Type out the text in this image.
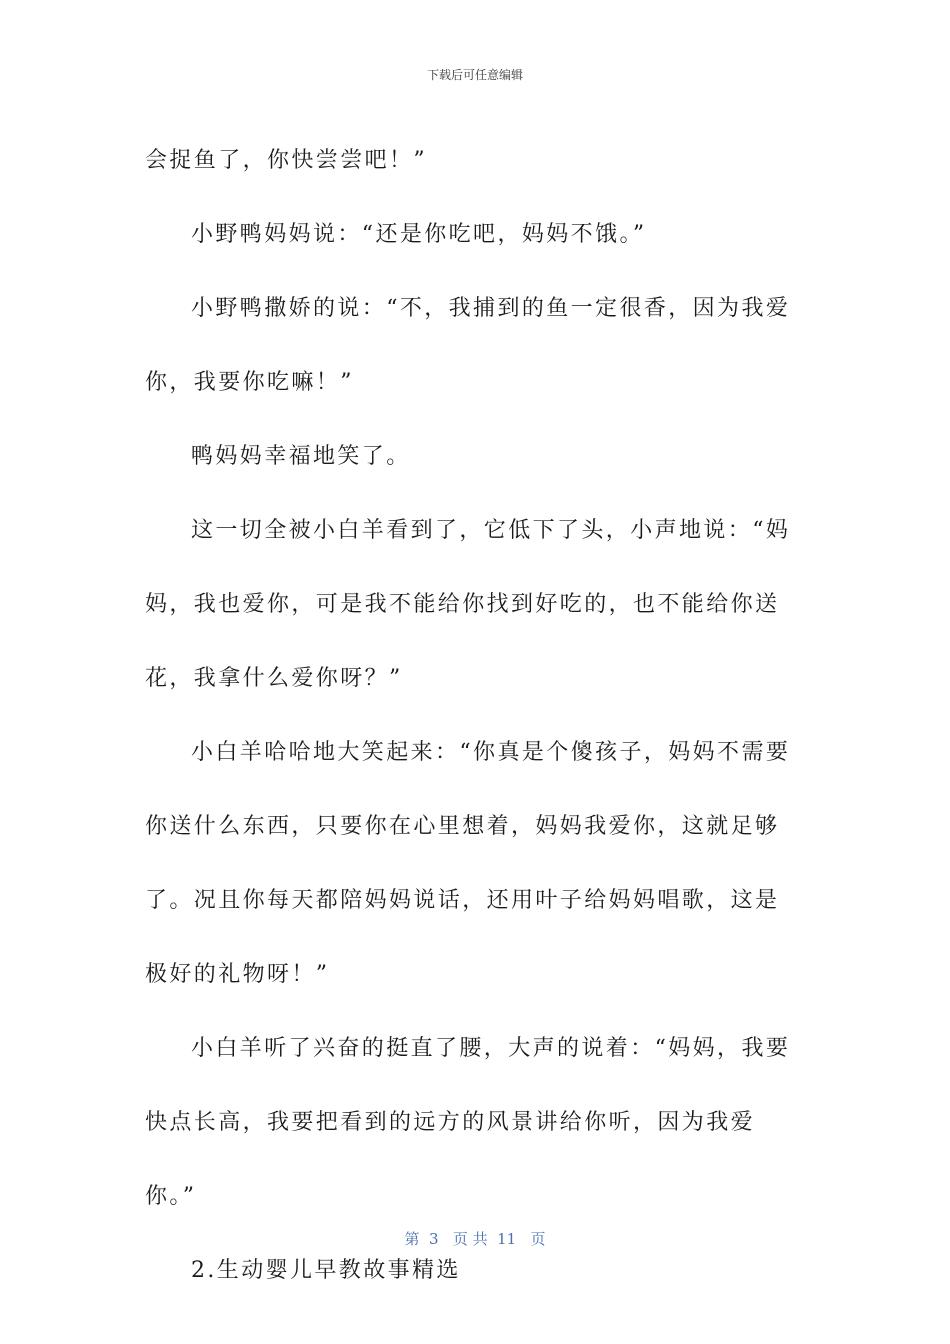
下载后可任意编辑

会捉鱼了，你快尝尝吧！”

小野鸭妈妈说：“还是你吃吧，妈妈不饿。”

小野鸭撒娇的说：“不，我捕到的鱼一定很香，因为我爱你，我要你吃嘛！”

鸭妈妈幸福地笑了。

这一切全被小白羊看到了，它低下了头，小声地说：“妈妈，我也爱你，可是我不能给你找到好吃的，也不能给你送花，我拿什么爱你呀？”

小白羊哈哈地大笑起来：“你真是个傻孩子，妈妈不需要你送什么东西，只要你在心里想着，妈妈我爱你，这就足够了。况且你每天都陪妈妈说话，还用叶子给妈妈唱歌，这是极好的礼物呀！”

小白羊听了兴奋的挺直了腰，大声的说着：“妈妈，我要快点长高，我要把看到的远方的风景讲给你听，因为我爱你。”

2.生动婴儿早教故事精选

第  3   页 共  11   页
